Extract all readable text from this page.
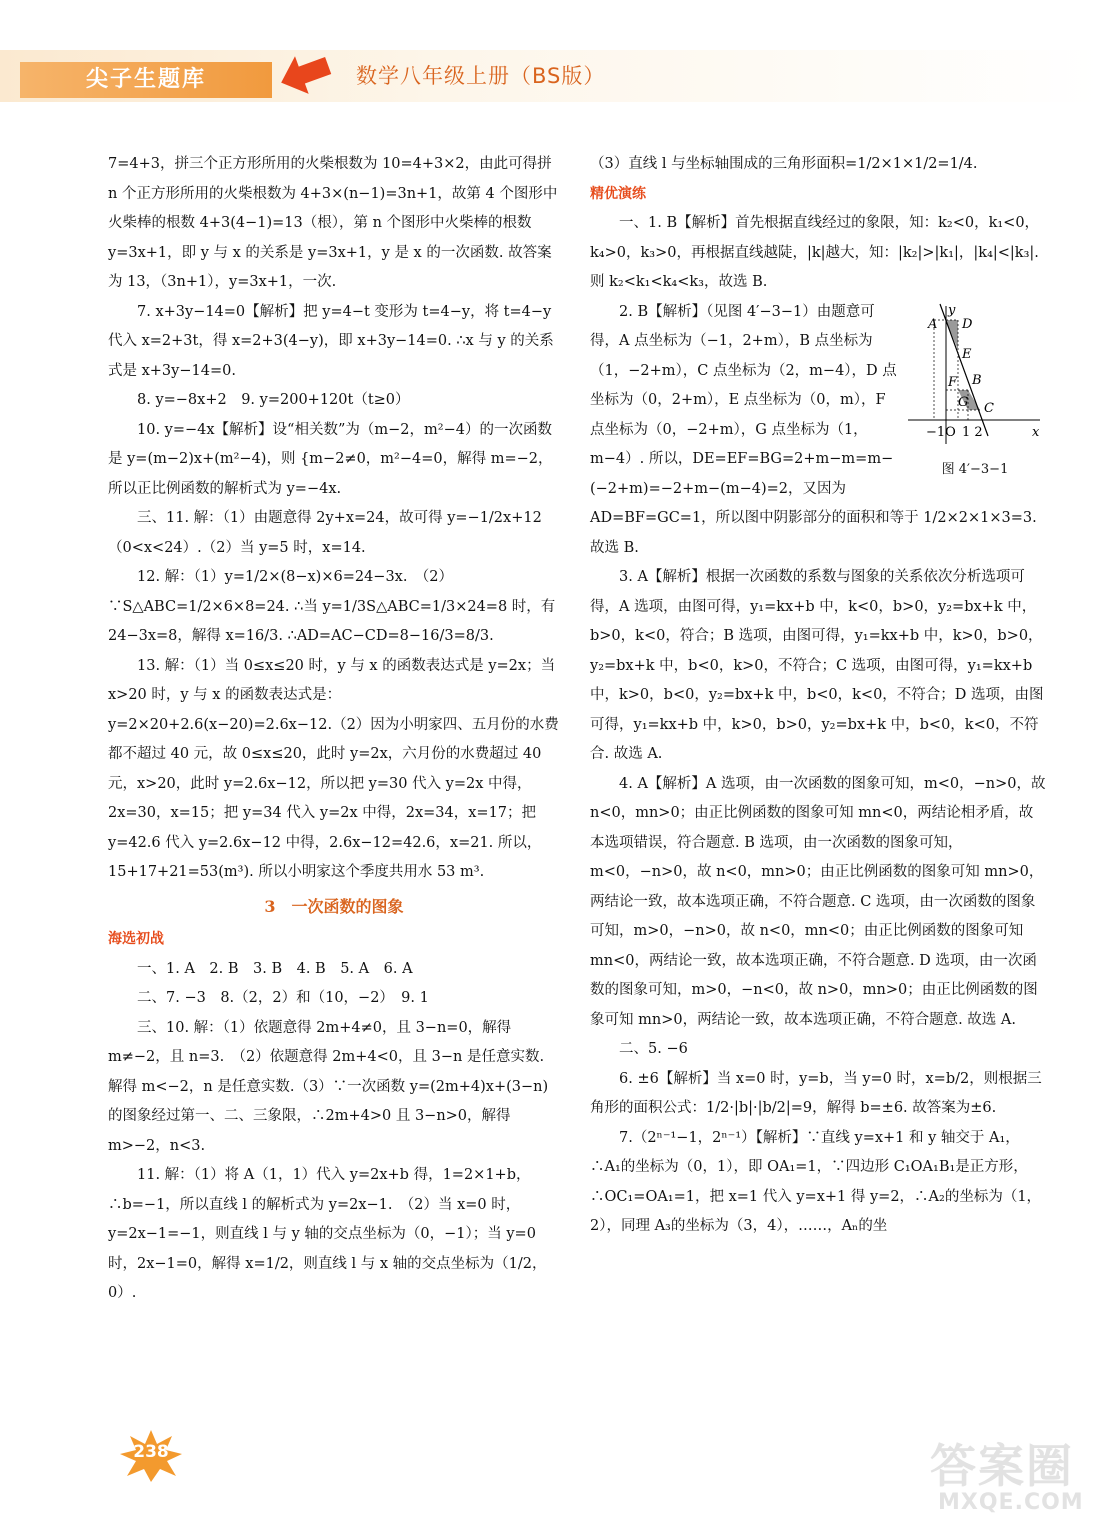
尖子生题库	数学八年级上册（BS版）

7=4+3，拼三个正方形所用的火柴根数为 10=4+3×2，由此可得拼 n 个正方形所用的火柴根数为 4+3×(n−1)=3n+1，故第 4 个图形中火柴棒的根数 4+3(4−1)=13（根），第 n 个图形中火柴棒的根数 y=3x+1，即 y 与 x 的关系是 y=3x+1，y 是 x 的一次函数. 故答案为 13，（3n+1），y=3x+1，一次.

7. x+3y−14=0【解析】把 y=4−t 变形为 t=4−y，将 t=4−y 代入 x=2+3t，得 x=2+3(4−y)，即 x+3y−14=0. ∴x 与 y 的关系式是 x+3y−14=0.

8. y=−8x+2　9. y=200+120t（t≥0）

10. y=−4x【解析】设“相关数”为（m−2，m²−4）的一次函数是 y=(m−2)x+(m²−4)，则 {m−2≠0，m²−4=0，解得 m=−2，所以正比例函数的解析式为 y=−4x.

三、11. 解：（1）由题意得 2y+x=24，故可得 y=−1/2x+12（0<x<24）.（2）当 y=5 时，x=14.

12. 解：（1）y=1/2×(8−x)×6=24−3x.　（2）∵S△ABC=1/2×6×8=24. ∴当 y=1/3S△ABC=1/3×24=8 时，有 24−3x=8，解得 x=16/3. ∴AD=AC−CD=8−16/3=8/3.

13. 解：（1）当 0≤x≤20 时，y 与 x 的函数表达式是 y=2x；当 x>20 时，y 与 x 的函数表达式是：y=2×20+2.6(x−20)=2.6x−12.（2）因为小明家四、五月份的水费都不超过 40 元，故 0≤x≤20，此时 y=2x，六月份的水费超过 40 元，x>20，此时 y=2.6x−12，所以把 y=30 代入 y=2x 中得，2x=30，x=15；把 y=34 代入 y=2x 中得，2x=34，x=17；把 y=42.6 代入 y=2.6x−12 中得，2.6x−12=42.6，x=21. 所以，15+17+21=53(m³). 所以小明家这个季度共用水 53 m³.

3　一次函数的图象

海选初战

一、1. A　2. B　3. B　4. B　5. A　6. A

二、7. −3　8.（2，2）和（10，−2）　9. 1

三、10. 解：（1）依题意得 2m+4≠0，且 3−n=0，解得 m≠−2，且 n=3.　（2）依题意得 2m+4<0，且 3−n 是任意实数. 解得 m<−2，n 是任意实数.（3）∵一次函数 y=(2m+4)x+(3−n)的图象经过第一、二、三象限，∴2m+4>0 且 3−n>0，解得 m>−2，n<3.

11. 解：（1）将 A（1，1）代入 y=2x+b 得，1=2×1+b，∴b=−1，所以直线 l 的解析式为 y=2x−1.　（2）当 x=0 时，y=2x−1=−1，则直线 l 与 y 轴的交点坐标为（0，−1）；当 y=0 时，2x−1=0，解得 x=1/2，则直线 l 与 x 轴的交点坐标为（1/2，0）.

（3）直线 l 与坐标轴围成的三角形面积=1/2×1×1/2=1/4.

精优演练

一、1. B【解析】首先根据直线经过的象限，知：k₂<0，k₁<0，k₄>0，k₃>0，再根据直线越陡，|k|越大，知：|k₂|>|k₁|，|k₄|<|k₃|. 则 k₂<k₁<k₄<k₃，故选 B.

y
A D
E
F B
G C
−1O 1 2	x
图 4′−3−1

2. B【解析】（见图 4′−3−1）由题意可得，A 点坐标为（−1，2+m），B 点坐标为（1，−2+m），C 点坐标为（2，m−4），D 点坐标为（0，2+m），E 点坐标为（0，m），F 点坐标为（0，−2+m），G 点坐标为（1，m−4）. 所以，DE=EF=BG=2+m−m=m−(−2+m)=−2+m−(m−4)=2，又因为 AD=BF=GC=1，所以图中阴影部分的面积和等于 1/2×2×1×3=3. 故选 B.

3. A【解析】根据一次函数的系数与图象的关系依次分析选项可得，A 选项，由图可得，y₁=kx+b 中，k<0，b>0，y₂=bx+k 中，b>0，k<0，符合；B 选项，由图可得，y₁=kx+b 中，k>0，b>0，y₂=bx+k 中，b<0，k>0，不符合；C 选项，由图可得，y₁=kx+b 中，k>0，b<0，y₂=bx+k 中，b<0，k<0，不符合；D 选项，由图可得，y₁=kx+b 中，k>0，b>0，y₂=bx+k 中，b<0，k<0，不符合. 故选 A.

4. A【解析】A 选项，由一次函数的图象可知，m<0，−n>0，故 n<0，mn>0；由正比例函数的图象可知 mn<0，两结论相矛盾，故本选项错误，符合题意. B 选项，由一次函数的图象可知，m<0，−n>0，故 n<0，mn>0；由正比例函数的图象可知 mn>0，两结论一致，故本选项正确，不符合题意. C 选项，由一次函数的图象可知，m>0，−n>0，故 n<0，mn<0；由正比例函数的图象可知 mn<0，两结论一致，故本选项正确，不符合题意. D 选项，由一次函数的图象可知，m>0，−n<0，故 n>0，mn>0；由正比例函数的图象可知 mn>0，两结论一致，故本选项正确，不符合题意. 故选 A.

二、5. −6

6. ±6【解析】当 x=0 时，y=b，当 y=0 时，x=b/2，则根据三角形的面积公式：1/2·|b|·|b/2|=9，解得 b=±6. 故答案为±6.

7.（2ⁿ⁻¹−1，2ⁿ⁻¹）【解析】∵直线 y=x+1 和 y 轴交于 A₁，∴A₁的坐标为（0，1），即 OA₁=1，∵四边形 C₁OA₁B₁是正方形，∴OC₁=OA₁=1，把 x=1 代入 y=x+1 得 y=2，∴A₂的坐标为（1，2），同理 A₃的坐标为（3，4），……，Aₙ的坐

238	答案圈
MXQE.COM
